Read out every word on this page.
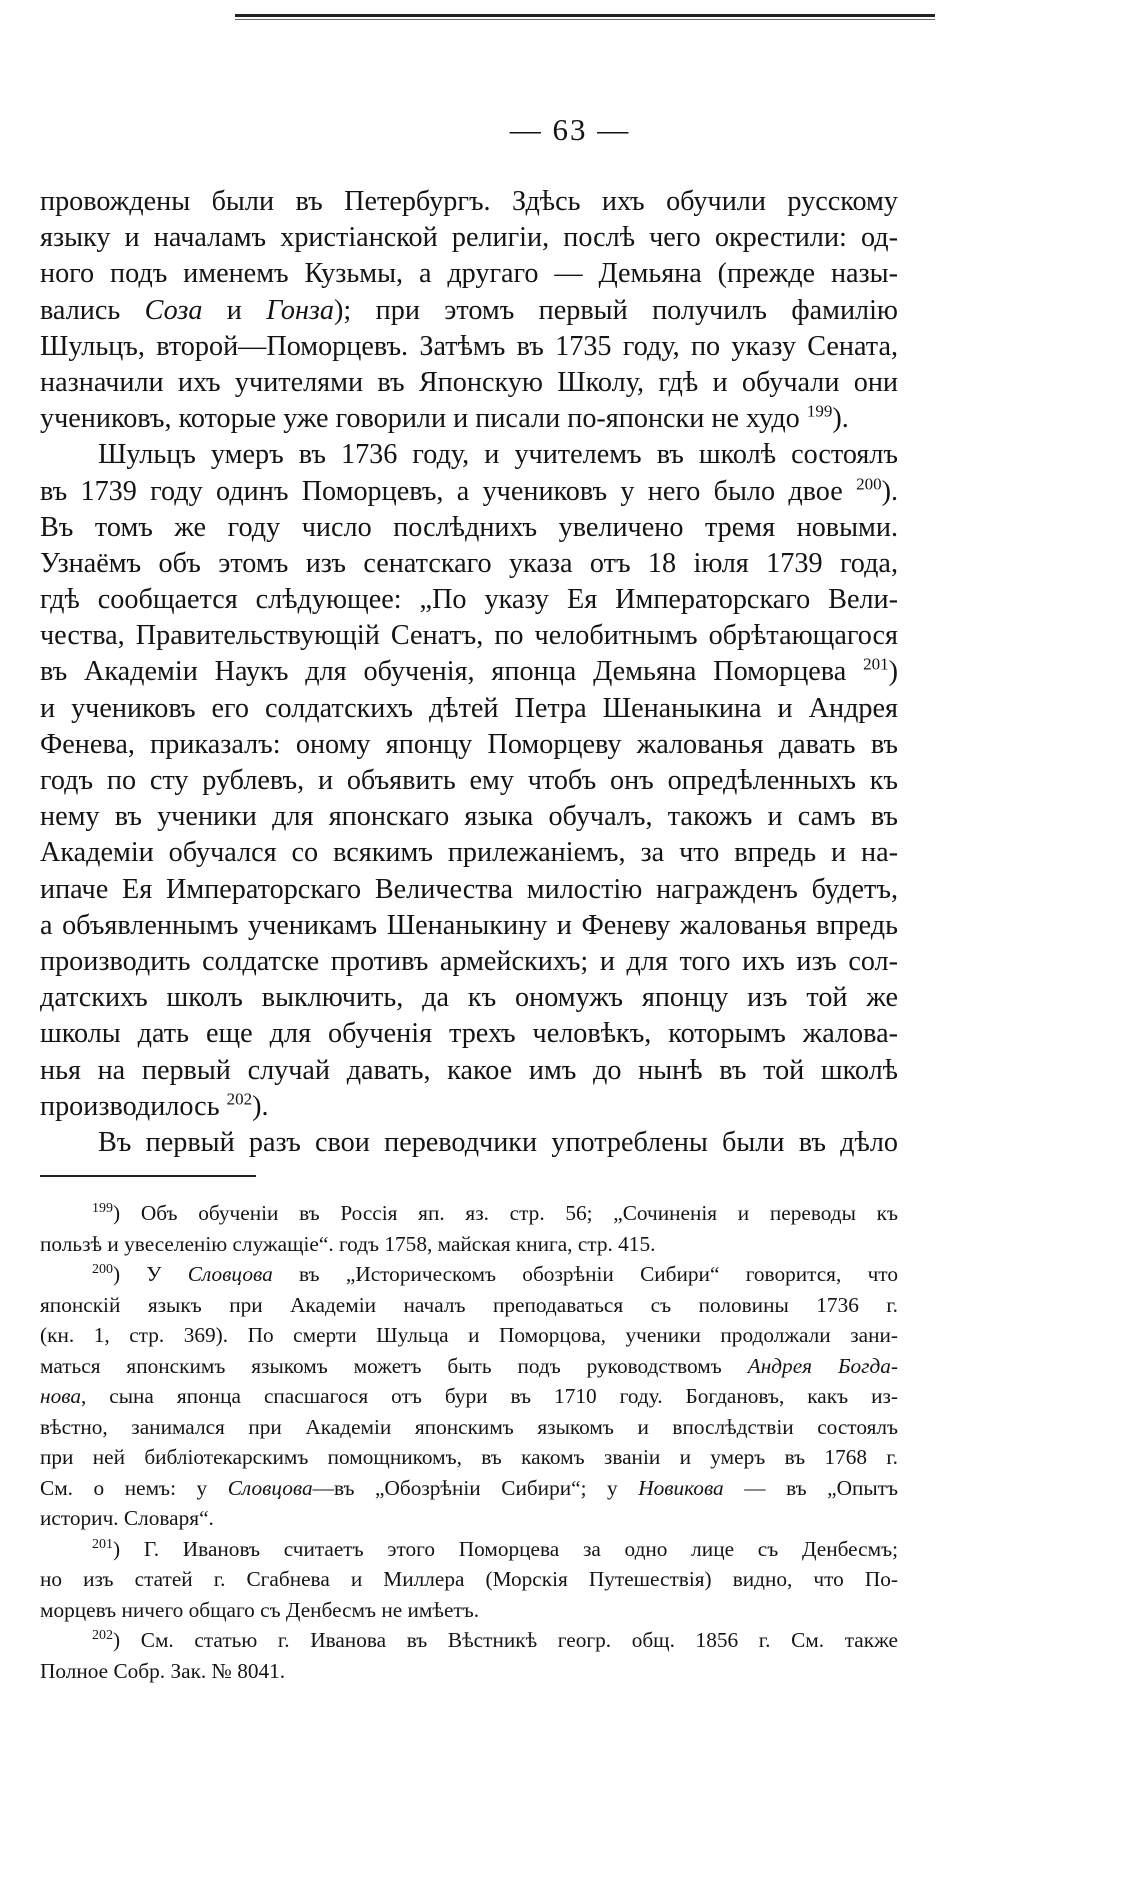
— 63 —
провождены были въ Петербургъ. Здѣсь ихъ обучили русскому
языку и началамъ христіанской религіи, послѣ чего окрестили: од-
ного подъ именемъ Кузьмы, а другаго — Демьяна (прежде назы-
вались Соза и Гонза); при этомъ первый получилъ фамилію
Шульцъ, второй—Поморцевъ. Затѣмъ въ 1735 году, по указу Сената,
назначили ихъ учителями въ Японскую Школу, гдѣ и обучали они
учениковъ, которые уже говорили и писали по-японски не худо $^{199}$).
Шульцъ умеръ въ 1736 году, и учителемъ въ школѣ состоялъ
въ 1739 году одинъ Поморцевъ, а учениковъ у него было двое $^{200}$).
Въ томъ же году число послѣднихъ увеличено тремя новыми.
Узнаёмъ объ этомъ изъ сенатскаго указа отъ 18 іюля 1739 года,
гдѣ сообщается слѣдующее: „По указу Ея Императорскаго Вели-
чества, Правительствующій Сенатъ, по челобитнымъ обрѣтающагося
въ Академіи Наукъ для обученія, японца Демьяна Поморцева $^{201}$)
и учениковъ его солдатскихъ дѣтей Петра Шенаныкина и Андрея
Фенева, приказалъ: оному японцу Поморцеву жалованья давать въ
годъ по сту рублевъ, и объявить ему чтобъ онъ опредѣленныхъ къ
нему въ ученики для японскаго языка обучалъ, такожъ и самъ въ
Академіи обучался со всякимъ прилежаніемъ, за что впредь и на-
ипаче Ея Императорскаго Величества милостію награжденъ будетъ,
а объявленнымъ ученикамъ Шенаныкину и Феневу жалованья впредь
производить солдатске противъ армейскихъ; и для того ихъ изъ сол-
датскихъ школъ выключить, да къ ономужъ японцу изъ той же
школы дать еще для обученія трехъ человѣкъ, которымъ жалова-
нья на первый случай давать, какое имъ до нынѣ въ той школѣ
производилось $^{202}$).
Въ первый разъ свои переводчики употреблены были въ дѣло
$^{199}$) Объ обученіи въ Россія яп. яз. стр. 56; „Сочиненія и переводы къ
пользѣ и увеселенію служащіе“. годъ 1758, майская книга, стр. 415.
$^{200}$) У Словцова въ „Историческомъ обозрѣніи Сибири“ говорится, что
японскій языкъ при Академіи началъ преподаваться съ половины 1736 г.
(кн. 1, стр. 369). По смерти Шульца и Поморцова, ученики продолжали зани-
маться японскимъ языкомъ можетъ быть подъ руководствомъ Андрея Богда-
нова, сына японца спасшагося отъ бури въ 1710 году. Богдановъ, какъ из-
вѣстно, занимался при Академіи японскимъ языкомъ и впослѣдствіи состоялъ
при ней библіотекарскимъ помощникомъ, въ какомъ званіи и умеръ въ 1768 г.
См. о немъ: у Словцова—въ „Обозрѣніи Сибири“; у Новикова — въ „Опытъ
историч. Словаря“.
$^{201}$) Г. Ивановъ считаетъ этого Поморцева за одно лице съ Денбесмъ;
но изъ статей г. Сгабнева и Миллера (Морскія Путешествія) видно, что По-
морцевъ ничего общаго съ Денбесмъ не имѣетъ.
$^{202}$) См. статью г. Иванова въ Вѣстникѣ геогр. общ. 1856 г. См. также
Полное Собр. Зак. № 8041.
